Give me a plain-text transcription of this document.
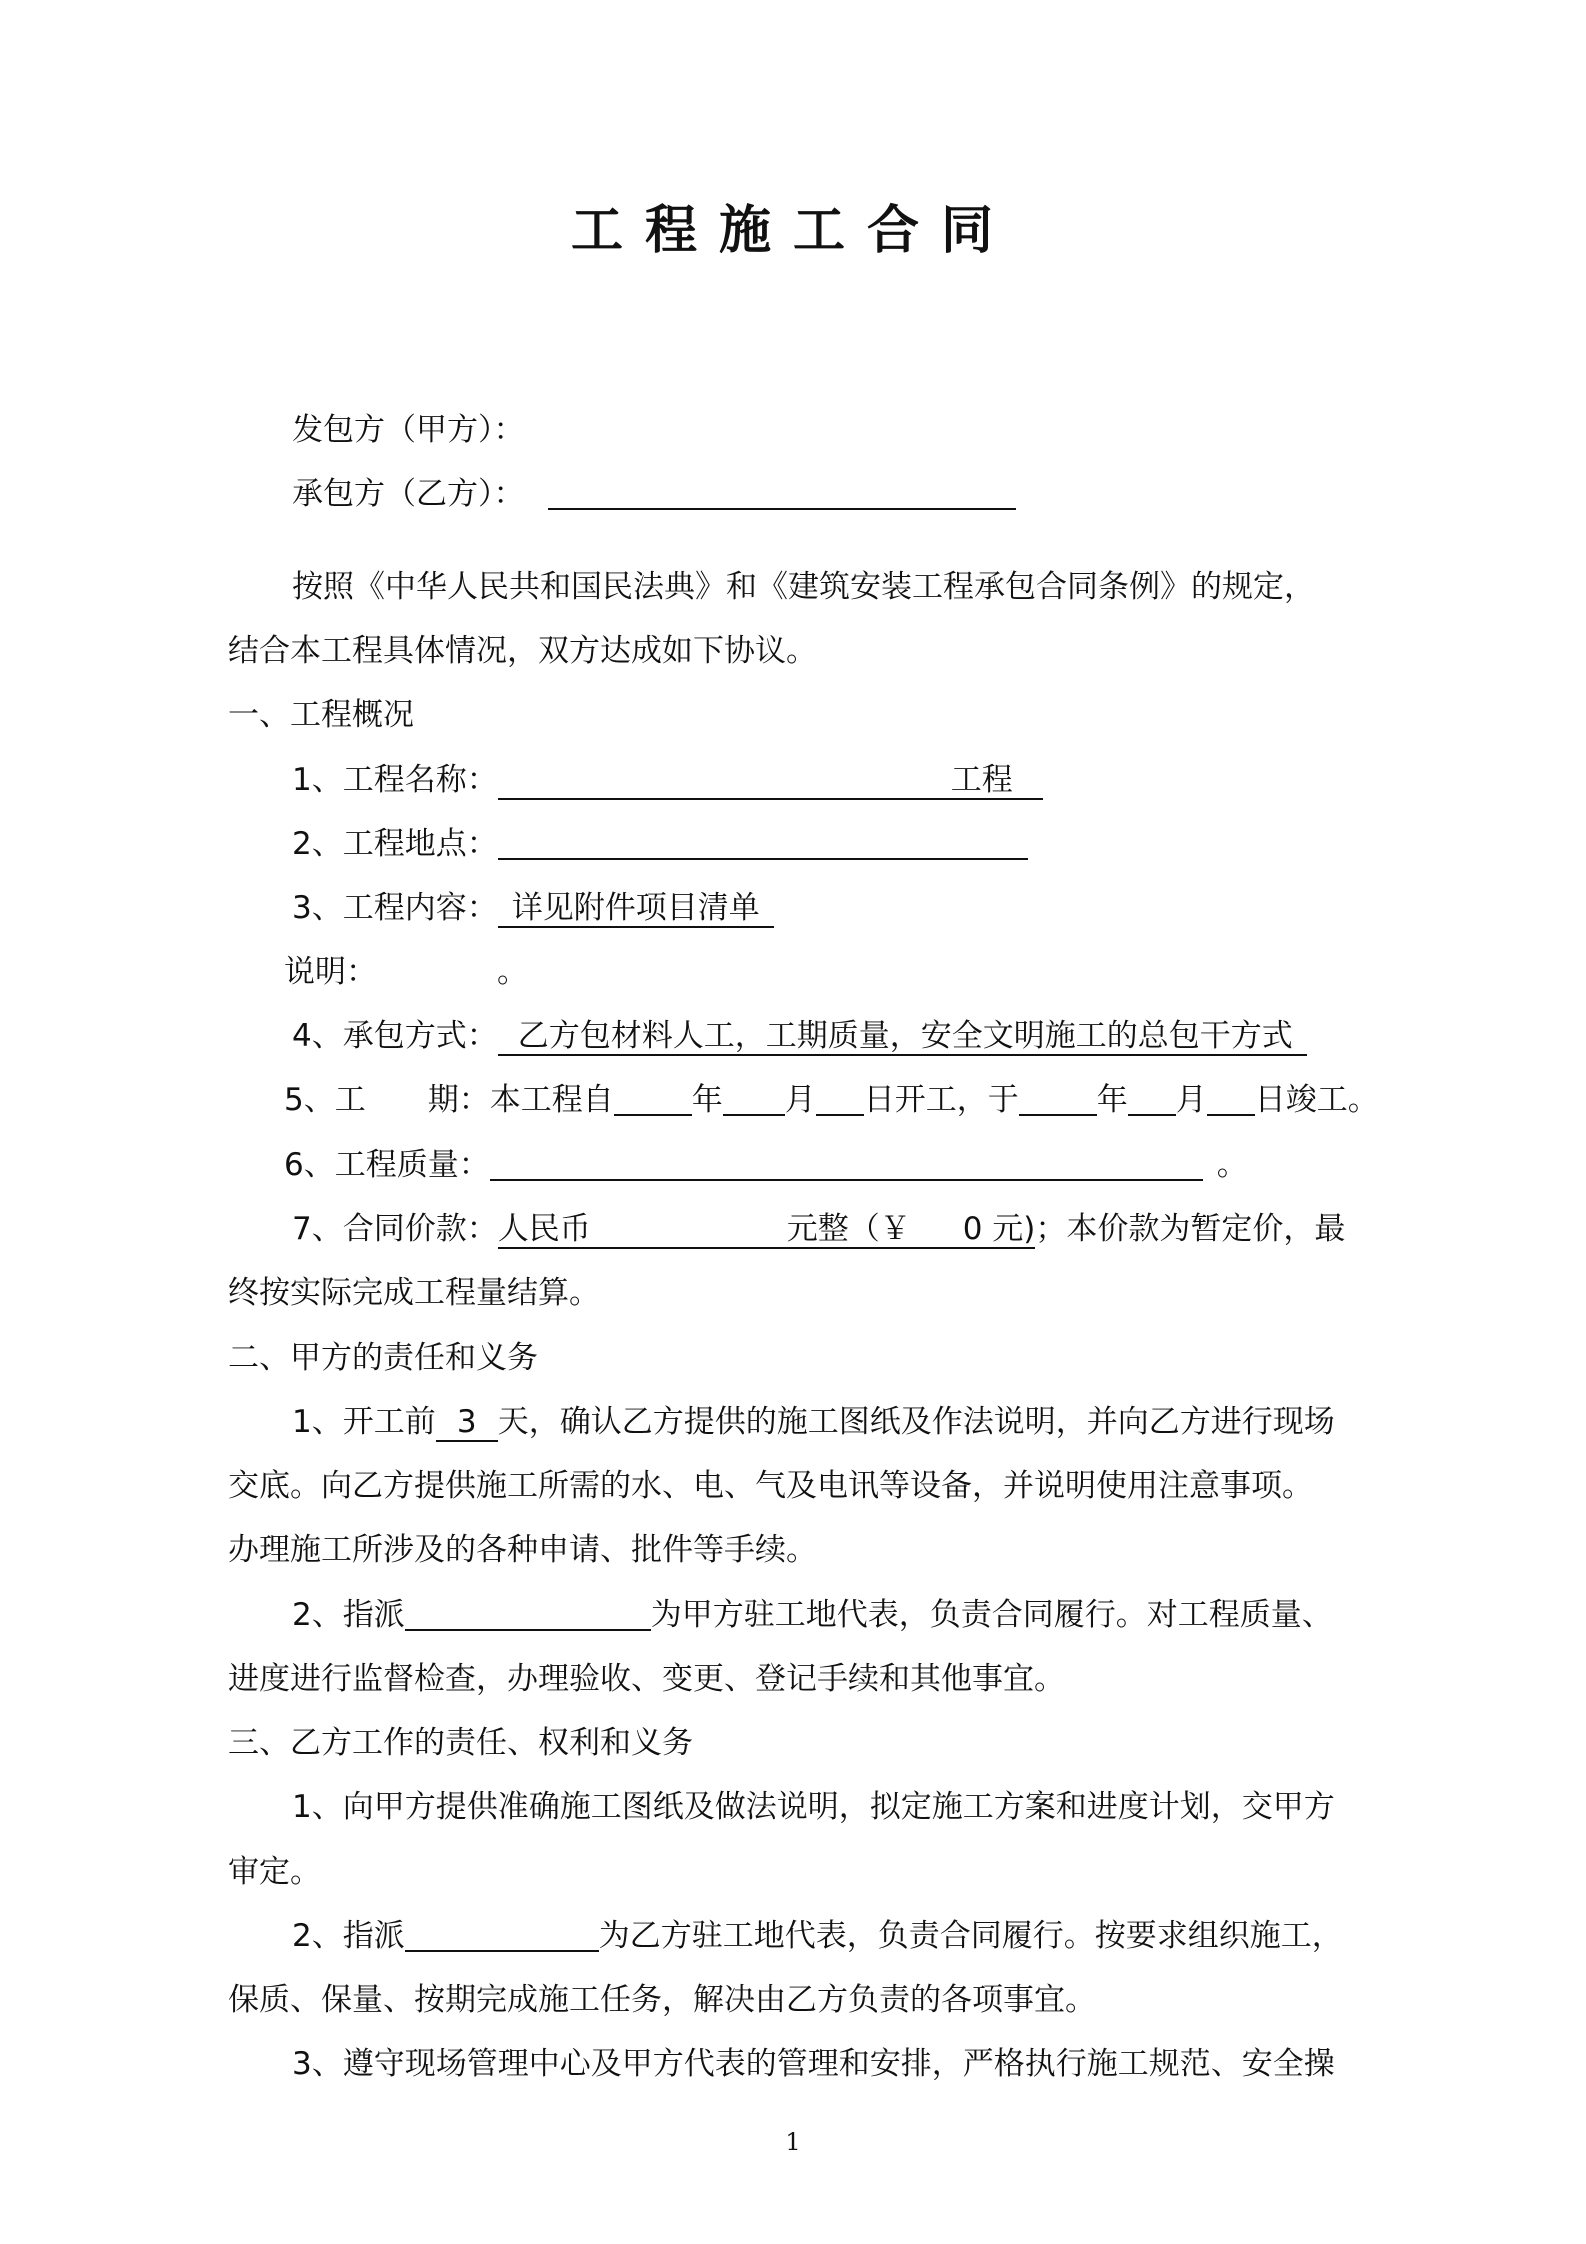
工程施工合同
发包方（甲方）：
承包方（乙方）：
按照《中华人民共和国民法典》和《建筑安装工程承包合同条例》的规定，
结合本工程具体情况，双方达成如下协议。
一、工程概况
1、工程名称：	工程
2、工程地点：
3、工程内容： 详见附件项目清单
说明：	。
4、承包方式： 乙方包材料人工，工期质量，安全文明施工的总包干方式
5、工　　期：本工程自	年 月 日开工，于	年 月 日竣工。
6、工程质量：	。
7、合同价款：人民币	元整（￥ 0 元)；本价款为暂定价，最
终按实际完成工程量结算。
二、甲方的责任和义务
1、开工前 3 天，确认乙方提供的施工图纸及作法说明，并向乙方进行现场
交底。向乙方提供施工所需的水、电、气及电讯等设备，并说明使用注意事项。
办理施工所涉及的各种申请、批件等手续。
2、指派	为甲方驻工地代表，负责合同履行。对工程质量、
进度进行监督检查，办理验收、变更、登记手续和其他事宜。
三、乙方工作的责任、权利和义务
1、向甲方提供准确施工图纸及做法说明，拟定施工方案和进度计划，交甲方
审定。
2、指派	为乙方驻工地代表，负责合同履行。按要求组织施工，
保质、保量、按期完成施工任务，解决由乙方负责的各项事宜。
3、遵守现场管理中心及甲方代表的管理和安排，严格执行施工规范、安全操
1
